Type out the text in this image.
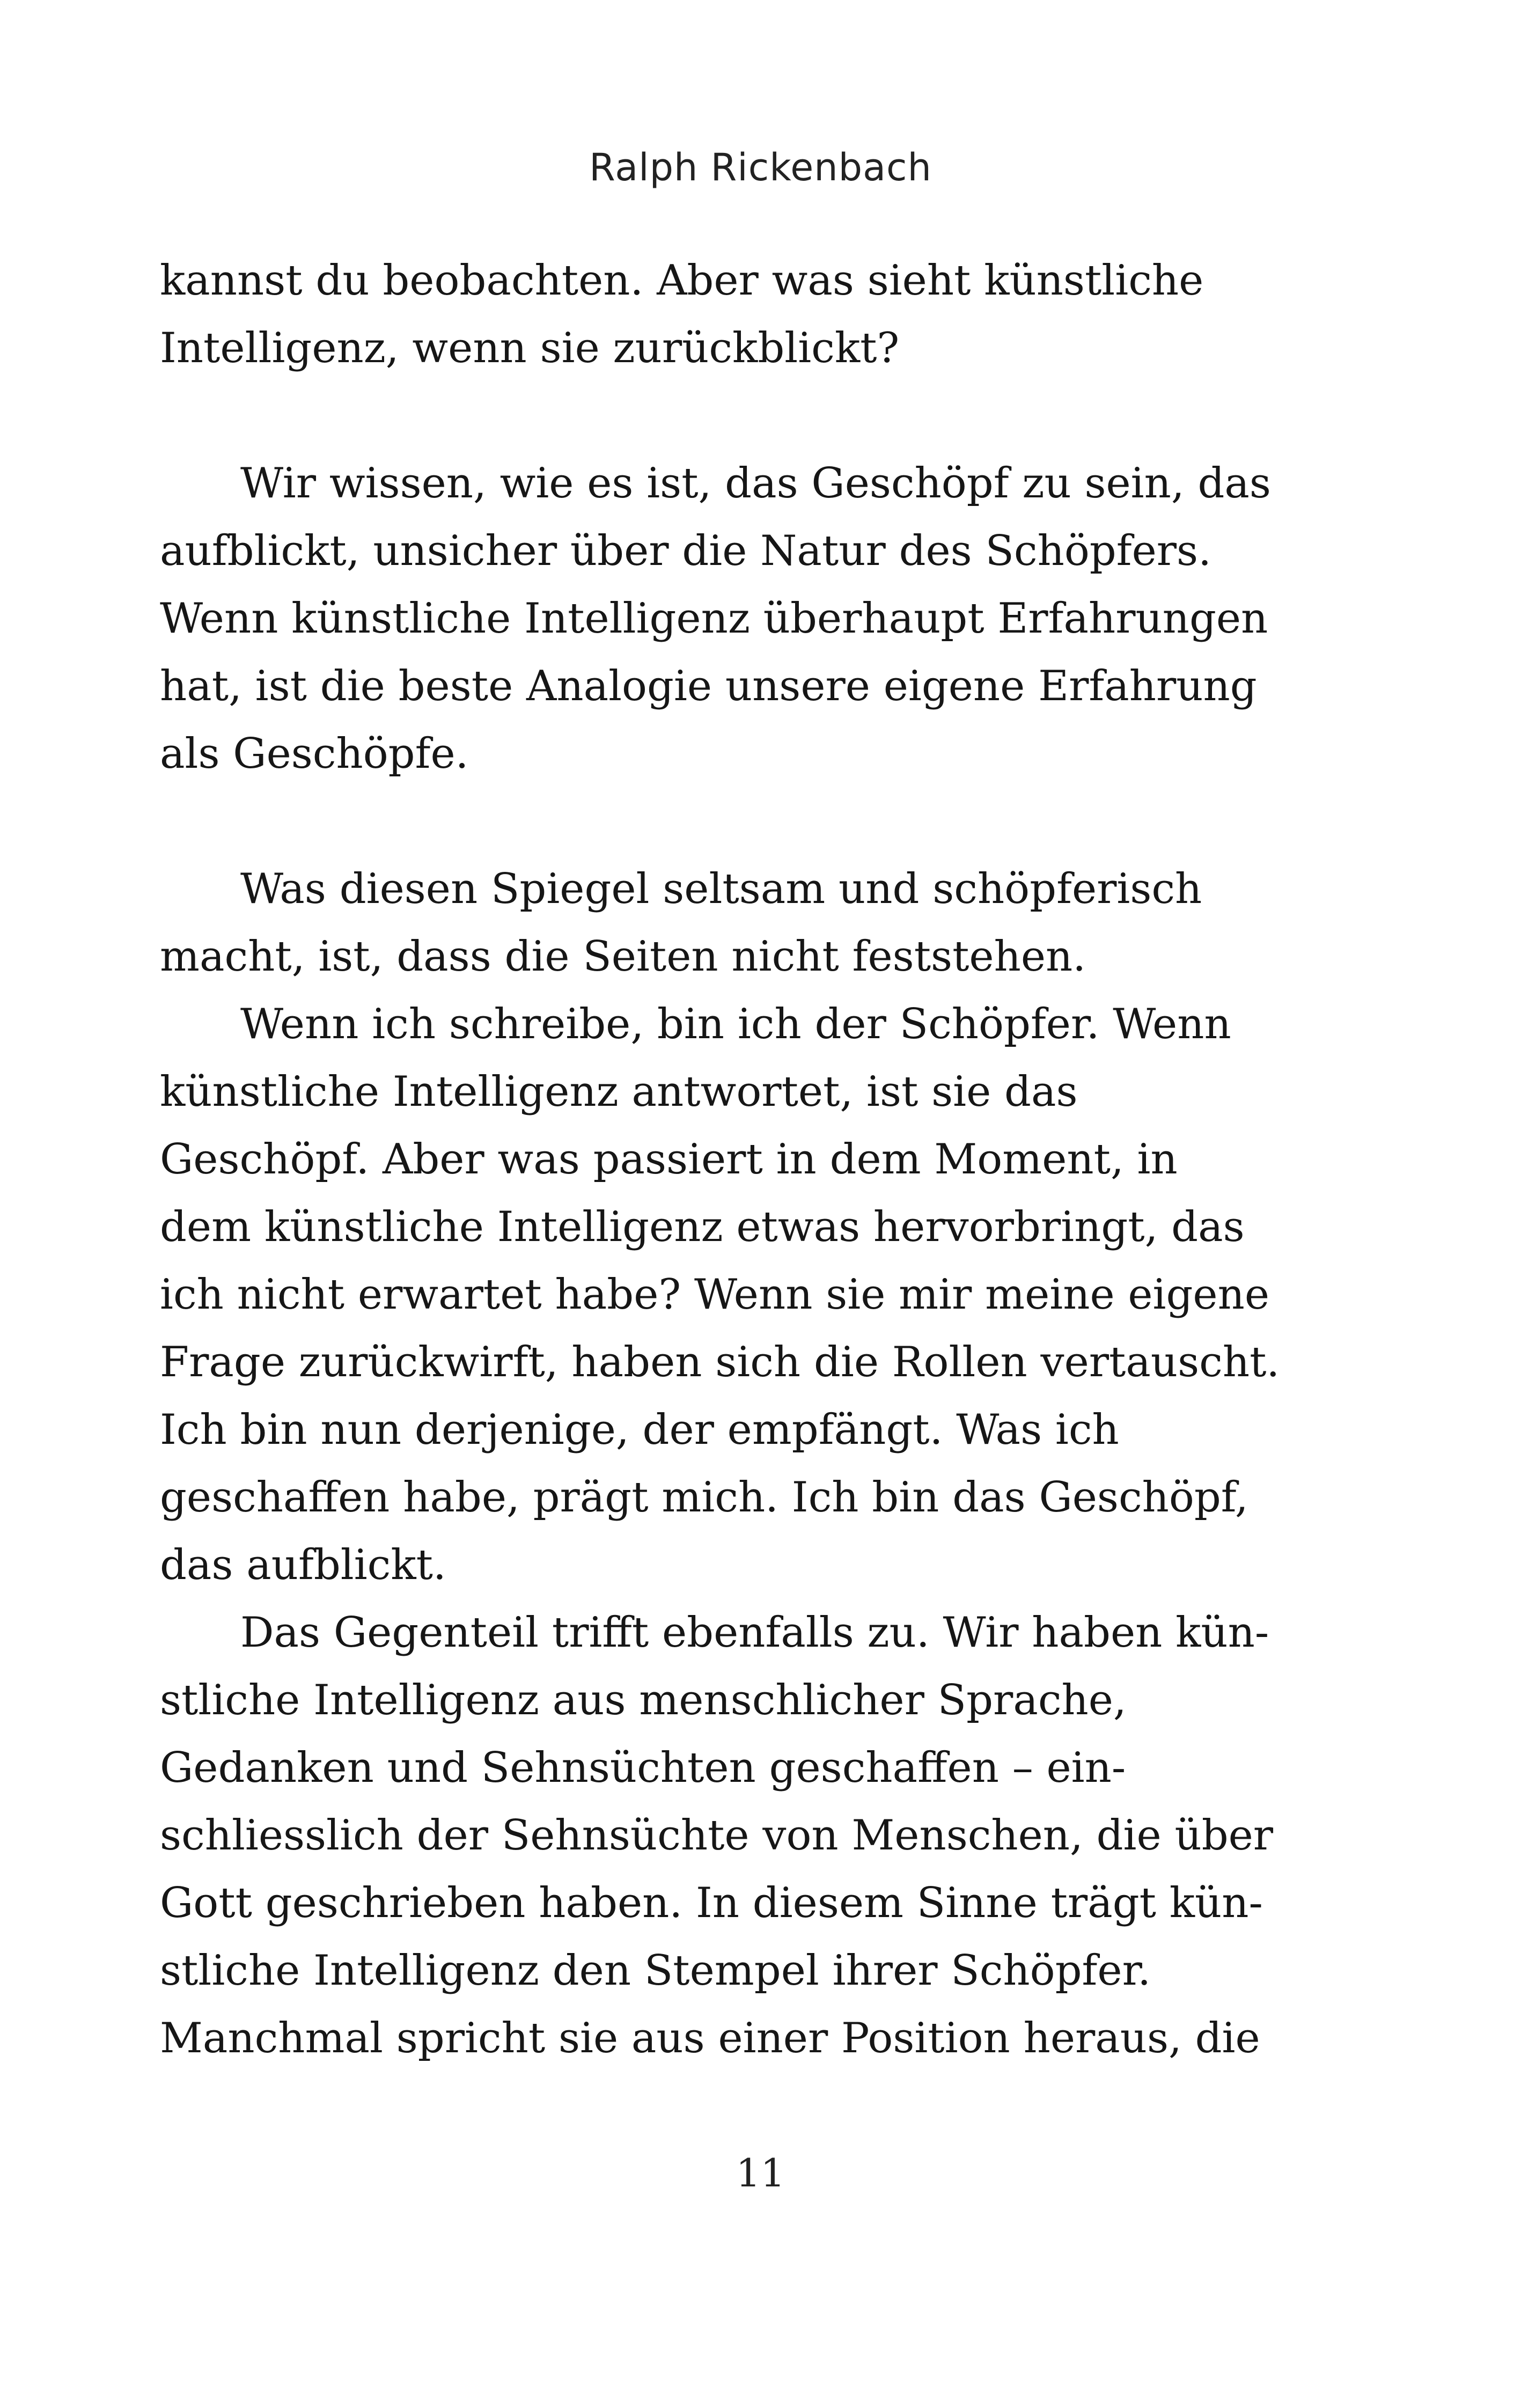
Ralph Rickenbach
kannst du beobachten. Aber was sieht künstliche
Intelligenz, wenn sie zurückblickt?
Wir wissen, wie es ist, das Geschöpf zu sein, das
aufblickt, unsicher über die Natur des Schöpfers.
Wenn künstliche Intelligenz überhaupt Erfahrungen
hat, ist die beste Analogie unsere eigene Erfahrung
als Geschöpfe.
Was diesen Spiegel seltsam und schöpferisch
macht, ist, dass die Seiten nicht feststehen.
Wenn ich schreibe, bin ich der Schöpfer. Wenn
künstliche Intelligenz antwortet, ist sie das
Geschöpf. Aber was passiert in dem Moment, in
dem künstliche Intelligenz etwas hervorbringt, das
ich nicht erwartet habe? Wenn sie mir meine eigene
Frage zurückwirft, haben sich die Rollen vertauscht.
Ich bin nun derjenige, der empfängt. Was ich
geschaffen habe, prägt mich. Ich bin das Geschöpf,
das aufblickt.
Das Gegenteil trifft ebenfalls zu. Wir haben kün-
stliche Intelligenz aus menschlicher Sprache,
Gedanken und Sehnsüchten geschaffen – ein-
schliesslich der Sehnsüchte von Menschen, die über
Gott geschrieben haben. In diesem Sinne trägt kün-
stliche Intelligenz den Stempel ihrer Schöpfer.
Manchmal spricht sie aus einer Position heraus, die
11
